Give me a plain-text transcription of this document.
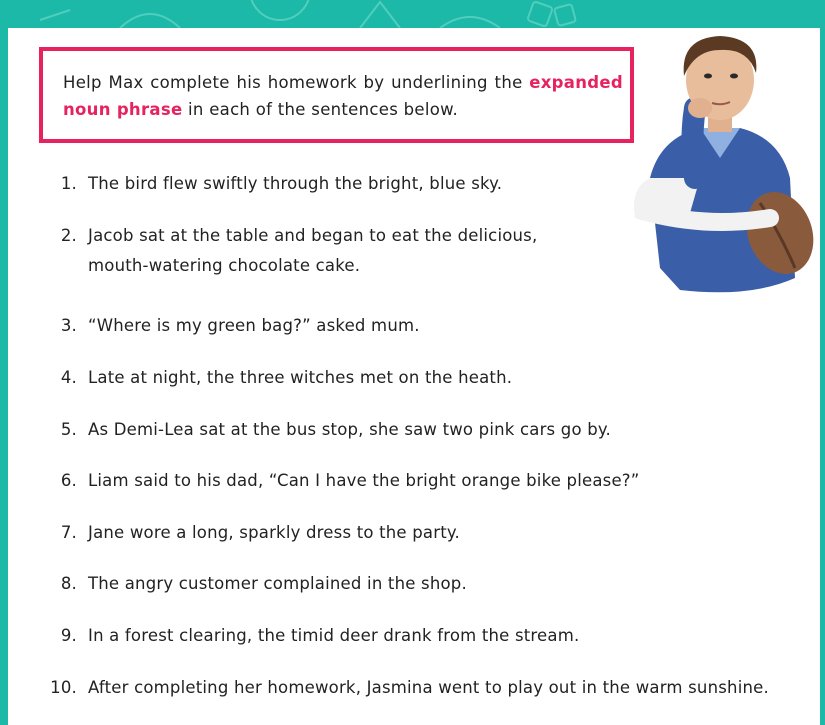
Help Max complete his homework by underlining the expanded noun phrase in each of the sentences below.
1. The bird flew swiftly through the bright, blue sky.
2. Jacob sat at the table and began to eat the delicious,
mouth-watering chocolate cake.
3. “Where is my green bag?” asked mum.
4. Late at night, the three witches met on the heath.
5. As Demi-Lea sat at the bus stop, she saw two pink cars go by.
6. Liam said to his dad, “Can I have the bright orange bike please?”
7. Jane wore a long, sparkly dress to the party.
8. The angry customer complained in the shop.
9. In a forest clearing, the timid deer drank from the stream.
10. After completing her homework, Jasmina went to play out in the warm sunshine.
